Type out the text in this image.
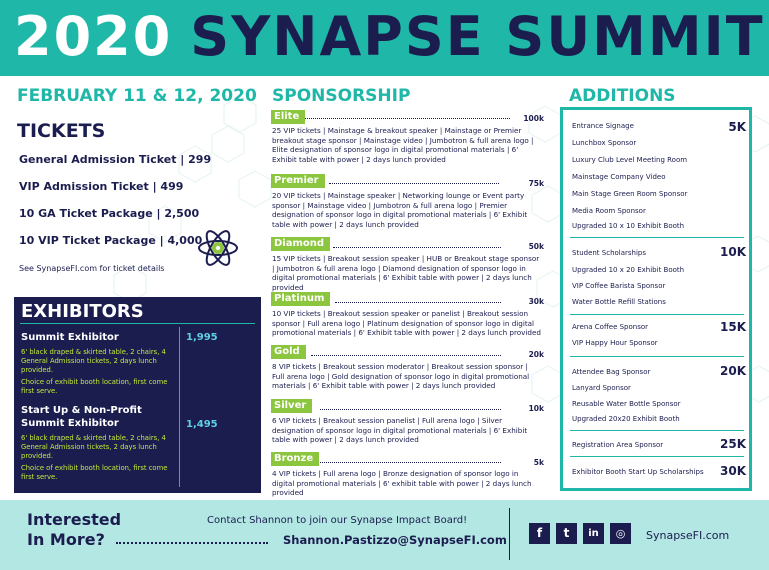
2020 SYNAPSE SUMMIT
FEBRUARY 11 & 12, 2020
TICKETS
General Admission Ticket | 299
VIP Admission Ticket | 499
10 GA Ticket Package | 2,500
10 VIP Ticket Package | 4,000
See SynapseFI.com for ticket details
EXHIBITORS
Summit Exhibitor	1,995
6' black draped & skirted table, 2 chairs, 4 General Admission tickets, 2 days lunch provided.
Choice of exhibit booth location, first come first serve.
Start Up & Non-Profit Summit Exhibitor	1,495
6' black draped & skirted table, 2 chairs, 4 General Admission tickets, 2 days lunch provided.
Choice of exhibit booth location, first come first serve.
SPONSORSHIP
Elite	100k
25 VIP tickets | Mainstage & breakout speaker | Mainstage or Premier breakout stage sponsor | Mainstage video | Jumbotron & full arena logo | Elite designation of sponsor logo in digital promotional materials | 6' Exhibit table with power | 2 days lunch provided
Premier	75k
20 VIP tickets | Mainstage speaker | Networking lounge or Event party sponsor | Mainstage video | Jumbotron & full arena logo | Premier designation of sponsor logo in digital promotional materials | 6' Exhibit table with power | 2 days lunch provided
Diamond	50k
15 VIP tickets | Breakout session speaker | HUB or Breakout stage sponsor | Jumbotron & full arena logo | Diamond designation of sponsor logo in digital promotional materials | 6' Exhibit table with power | 2 days lunch provided
Platinum	30k
10 VIP tickets | Breakout session speaker or panelist | Breakout session sponsor | Full arena logo | Platinum designation of sponsor logo in digital promotional materials | 6' Exhibit table with power | 2 days lunch provided
Gold	20k
8 VIP tickets | Breakout session moderator | Breakout session sponsor | Full arena logo | Gold designation of sponsor logo in digital promotional materials | 6' Exhibit table with power | 2 days lunch provided
Silver	10k
6 VIP tickets | Breakout session panelist | Full arena logo | Silver designation of sponsor logo in digital promotional materials | 6' Exhibit table with power | 2 days lunch provided
Bronze	5k
4 VIP tickets | Full arena logo | Bronze designation of sponsor logo in digital promotional materials | 6' exhibit table with power | 2 days lunch provided
ADDITIONS
5K
Entrance Signage
Lunchbox Sponsor
Luxury Club Level Meeting Room
Mainstage Company Video
Main Stage Green Room Sponsor
Media Room Sponsor
Upgraded 10 x 10 Exhibit Booth
10K
Student Scholarships
Upgraded 10 x 20 Exhibit Booth
VIP Coffee Barista Sponsor
Water Bottle Refill Stations
15K
Arena Coffee Sponsor
VIP Happy Hour Sponsor
20K
Attendee Bag Sponsor
Lanyard Sponsor
Reusable Water Bottle Sponsor
Upgraded 20x20 Exhibit Booth
25K
Registration Area Sponsor
30K
Exhibitor Booth Start Up Scholarships
Interested
In More?
Contact Shannon to join our Synapse Impact Board!
Shannon.Pastizzo@SynapseFI.com	f	t	in	◎	SynapseFI.com
